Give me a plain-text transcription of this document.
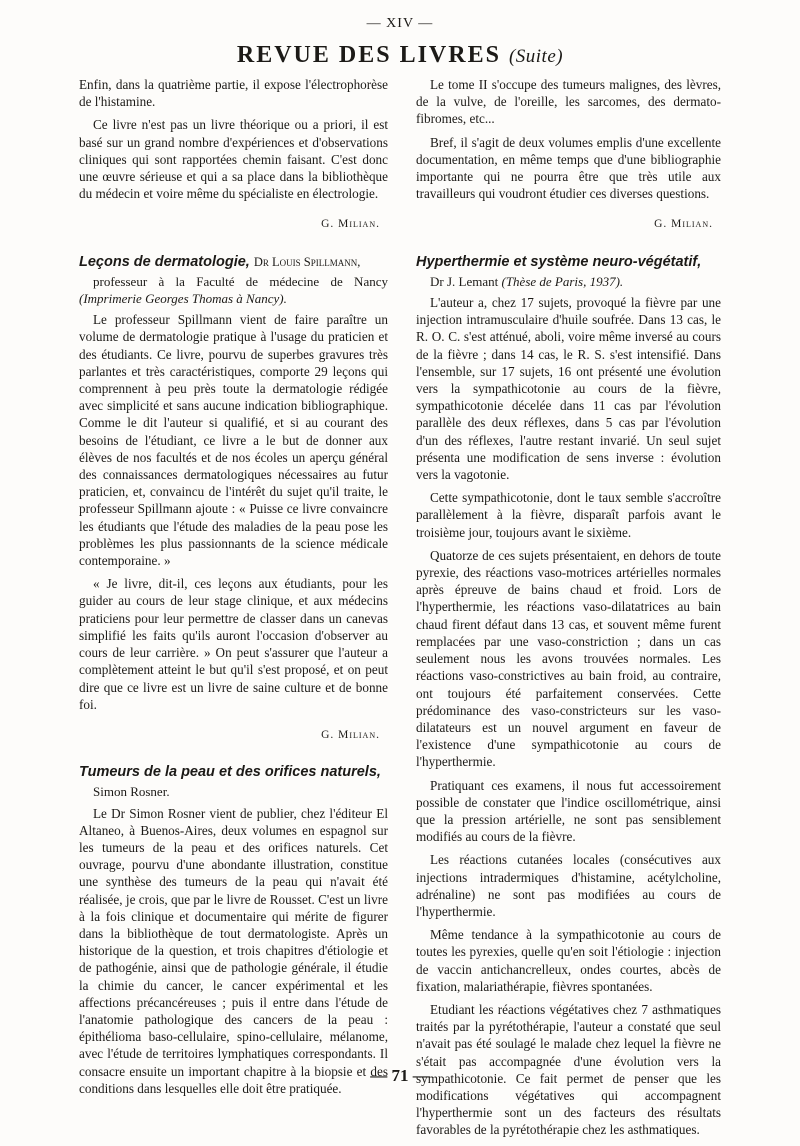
— XIV —
REVUE DES LIVRES (Suite)

Enfin, dans la quatrième partie, il expose l'électrophorèse de l'histamine.

Ce livre n'est pas un livre théorique ou a priori, il est basé sur un grand nombre d'expériences et d'observations cliniques qui sont rapportées chemin faisant. C'est donc une œuvre sérieuse et qui a sa place dans la bibliothèque du médecin et voire même du spécialiste en électrologie.

G. Milian.

Leçons de dermatologie, Dr Louis Spillmann,

professeur à la Faculté de médecine de Nancy (Imprimerie Georges Thomas à Nancy).

Le professeur Spillmann vient de faire paraître un volume de dermatologie pratique à l'usage du praticien et des étudiants. Ce livre, pourvu de superbes gravures très parlantes et très caractéristiques, comporte 29 leçons qui comprennent à peu près toute la dermatologie rédigée avec simplicité et sans aucune indication bibliographique. Comme le dit l'auteur si qualifié, et si au courant des besoins de l'étudiant, ce livre a le but de donner aux élèves de nos facultés et de nos écoles un aperçu général des connaissances dermatologiques nécessaires au futur praticien, et, convaincu de l'intérêt du sujet qu'il traite, le professeur Spillmann ajoute : « Puisse ce livre convaincre les étudiants que l'étude des maladies de la peau pose les problèmes les plus passionnants de la science médicale contemporaine. »

« Je livre, dit-il, ces leçons aux étudiants, pour les guider au cours de leur stage clinique, et aux médecins praticiens pour leur permettre de classer dans un canevas simplifié les faits qu'ils auront l'occasion d'observer au cours de leur carrière. » On peut s'assurer que l'auteur a complètement atteint le but qu'il s'est proposé, et on peut dire que ce livre est un livre de saine culture et de bonne foi.

G. Milian.

Tumeurs de la peau et des orifices naturels,

Simon Rosner.

Le Dr Simon Rosner vient de publier, chez l'éditeur El Altaneo, à Buenos-Aires, deux volumes en espagnol sur les tumeurs de la peau et des orifices naturels. Cet ouvrage, pourvu d'une abondante illustration, constitue une synthèse des tumeurs de la peau qui n'avait été réalisée, je crois, que par le livre de Rousset. C'est un livre à la fois clinique et documentaire qui mérite de figurer dans la bibliothèque de tout dermatologiste. Après un historique de la question, et trois chapitres d'étiologie et de pathogénie, ainsi que de pathologie générale, il étudie la chimie du cancer, le cancer expérimental et les affections précancéreuses ; puis il entre dans l'étude de l'anatomie pathologique des cancers de la peau : épithélioma baso-cellulaire, spino-cellulaire, mélanome, avec l'étude de territoires lymphatiques correspondants. Il consacre ensuite un important chapitre à la biopsie et des conditions dans lesquelles elle doit être pratiquée.

Le tome II s'occupe des tumeurs malignes, des lèvres, de la vulve, de l'oreille, les sarcomes, des dermato-fibromes, etc...

Bref, il s'agit de deux volumes emplis d'une excellente documentation, en même temps que d'une bibliographie importante qui ne pourra être que très utile aux travailleurs qui voudront étudier ces diverses questions.

G. Milian.

Hyperthermie et système neuro-végétatif,

Dr J. Lemant (Thèse de Paris, 1937).

L'auteur a, chez 17 sujets, provoqué la fièvre par une injection intramusculaire d'huile soufrée. Dans 13 cas, le R. O. C. s'est atténué, aboli, voire même inversé au cours de la fièvre ; dans 14 cas, le R. S. s'est intensifié. Dans l'ensemble, sur 17 sujets, 16 ont présenté une évolution vers la sympathicotonie au cours de la fièvre, sympathicotonie décelée dans 11 cas par l'évolution parallèle des deux réflexes, dans 5 cas par l'évolution d'un des réflexes, l'autre restant invarié. Un seul sujet présenta une modification de sens inverse : évolution vers la vagotonie.

Cette sympathicotonie, dont le taux semble s'accroître parallèlement à la fièvre, disparaît parfois avant le troisième jour, toujours avant le sixième.

Quatorze de ces sujets présentaient, en dehors de toute pyrexie, des réactions vaso-motrices artérielles normales après épreuve de bains chaud et froid. Lors de l'hyperthermie, les réactions vaso-dilatatrices au bain chaud firent défaut dans 13 cas, et souvent même furent remplacées par une vaso-constriction ; dans un cas seulement nous les avons trouvées normales. Les réactions vaso-constrictives au bain froid, au contraire, ont toujours été parfaitement conservées. Cette prédominance des vaso-constricteurs sur les vaso-dilatateurs est un nouvel argument en faveur de l'existence d'une sympathicotonie au cours de l'hyperthermie.

Pratiquant ces examens, il nous fut accessoirement possible de constater que l'indice oscillométrique, ainsi que la pression artérielle, ne sont pas sensiblement modifiés au cours de la fièvre.

Les réactions cutanées locales (consécutives aux injections intradermiques d'histamine, acétylcholine, adrénaline) ne sont pas modifiées au cours de l'hyperthermie.

Même tendance à la sympathicotonie au cours de toutes les pyrexies, quelle qu'en soit l'étiologie : injection de vaccin antichancrelleux, ondes courtes, abcès de fixation, malariathérapie, fièvres spontanées.

Etudiant les réactions végétatives chez 7 asthmatiques traités par la pyrétothérapie, l'auteur a constaté que seul n'avait pas été soulagé le malade chez lequel la fièvre ne s'était pas accompagnée d'une évolution vers la sympathicotonie. Ce fait permet de penser que les modifications végétatives qui accompagnent l'hyperthermie sont un des facteurs des résultats favorables de la pyrétothérapie chez les asthmatiques.

— 71 —
